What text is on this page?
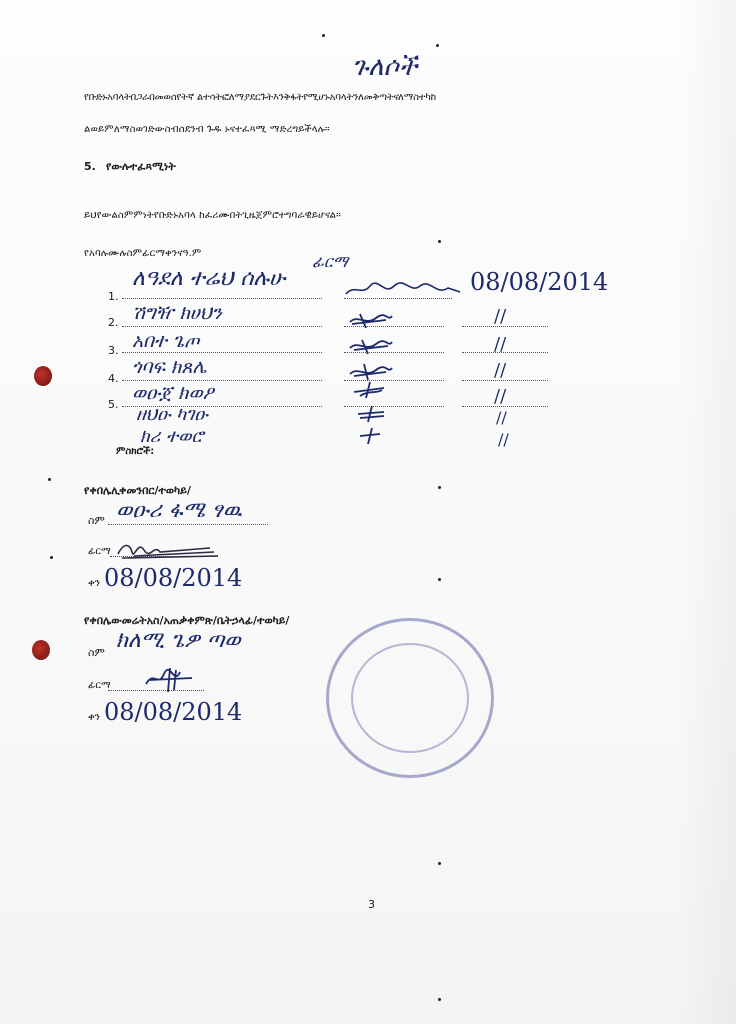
ጉለሶች
የቡድኑአባላትበጋራበመወሰየትኛ ልተሳትፎለማያደርጉትእንቅፋትየሚሆኑአባላትንለመቅጣትናለማስተካከ
ልወይምለማስወገድውስብሰደንብ ጉዱ ኑናተፈጻሚ ማድረግይችላሉ።
5. የውሉተፈጻሚነት
ይህየውልስምምነትየቡድኑአባላ ከፈሪሙበትጊዜጀምሮተግባራዊይሆናል።
የአባሉሙሉስምፊርማቀንናዓ.ም	ፊርማ
1.
2.
3.
4.
5.
ለዓደለ ተሬህ ሰሉሁ
ሽግዥ ክሀህን
አበተ ጌጦ
ጎባፍ ክጸሌ
ወዑጀ ክወዖ
ዘህዑ ካገዑ
ክሪ ተወሮ
08/08/2014
//
//
//
//
//
//
ምስክሮች:
የቀበሌሊቀመንበር/ተወካይ/
ስም ወዑሪ ፋሜ ፃዉ
ፊርማ
ቀን 08/08/2014
የቀበሌውመሬትአስ/አጠቃቀምጽ/ቤትኃላፊ/ተወካይ/
ስም ክለሚ ጌዎ ጣወ
ፊርማ
ቀን 08/08/2014
3
